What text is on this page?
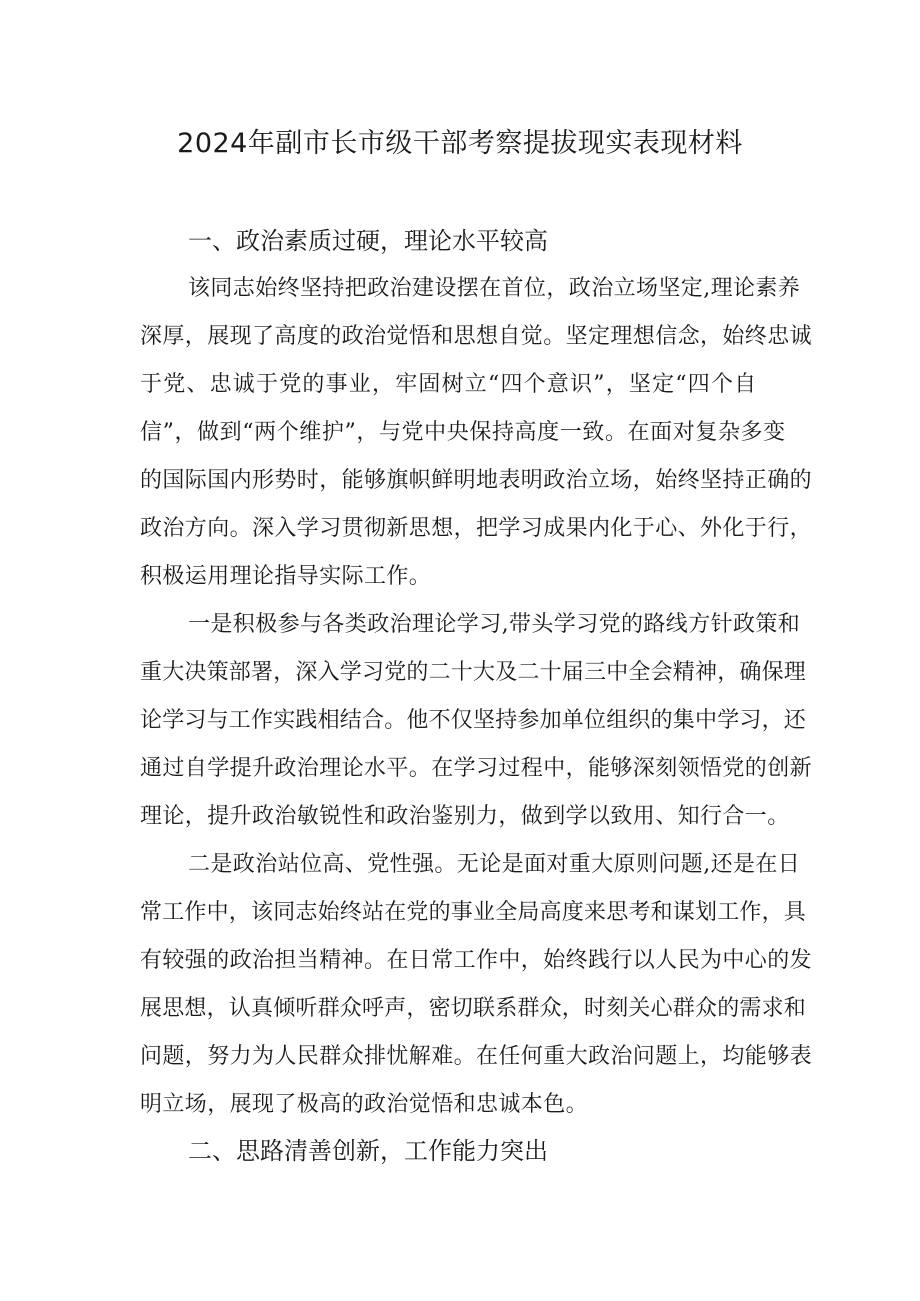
2024年副市长市级干部考察提拔现实表现材料

一、政治素质过硬，理论水平较高

该同志始终坚持把政治建设摆在首位，政治立场坚定,理论素养

深厚，展现了高度的政治觉悟和思想自觉。坚定理想信念，始终忠诚

于党、忠诚于党的事业，牢固树立“四个意识”，坚定“四个自

信”，做到“两个维护”，与党中央保持高度一致。在面对复杂多变

的国际国内形势时，能够旗帜鲜明地表明政治立场，始终坚持正确的

政治方向。深入学习贯彻新思想，把学习成果内化于心、外化于行，

积极运用理论指导实际工作。

一是积极参与各类政治理论学习,带头学习党的路线方针政策和

重大决策部署，深入学习党的二十大及二十届三中全会精神，确保理

论学习与工作实践相结合。他不仅坚持参加单位组织的集中学习，还

通过自学提升政治理论水平。在学习过程中，能够深刻领悟党的创新

理论，提升政治敏锐性和政治鉴别力，做到学以致用、知行合一。

二是政治站位高、党性强。无论是面对重大原则问题,还是在日

常工作中，该同志始终站在党的事业全局高度来思考和谋划工作，具

有较强的政治担当精神。在日常工作中，始终践行以人民为中心的发

展思想，认真倾听群众呼声，密切联系群众，时刻关心群众的需求和

问题，努力为人民群众排忧解难。在任何重大政治问题上，均能够表

明立场，展现了极高的政治觉悟和忠诚本色。

二、思路清善创新，工作能力突出
